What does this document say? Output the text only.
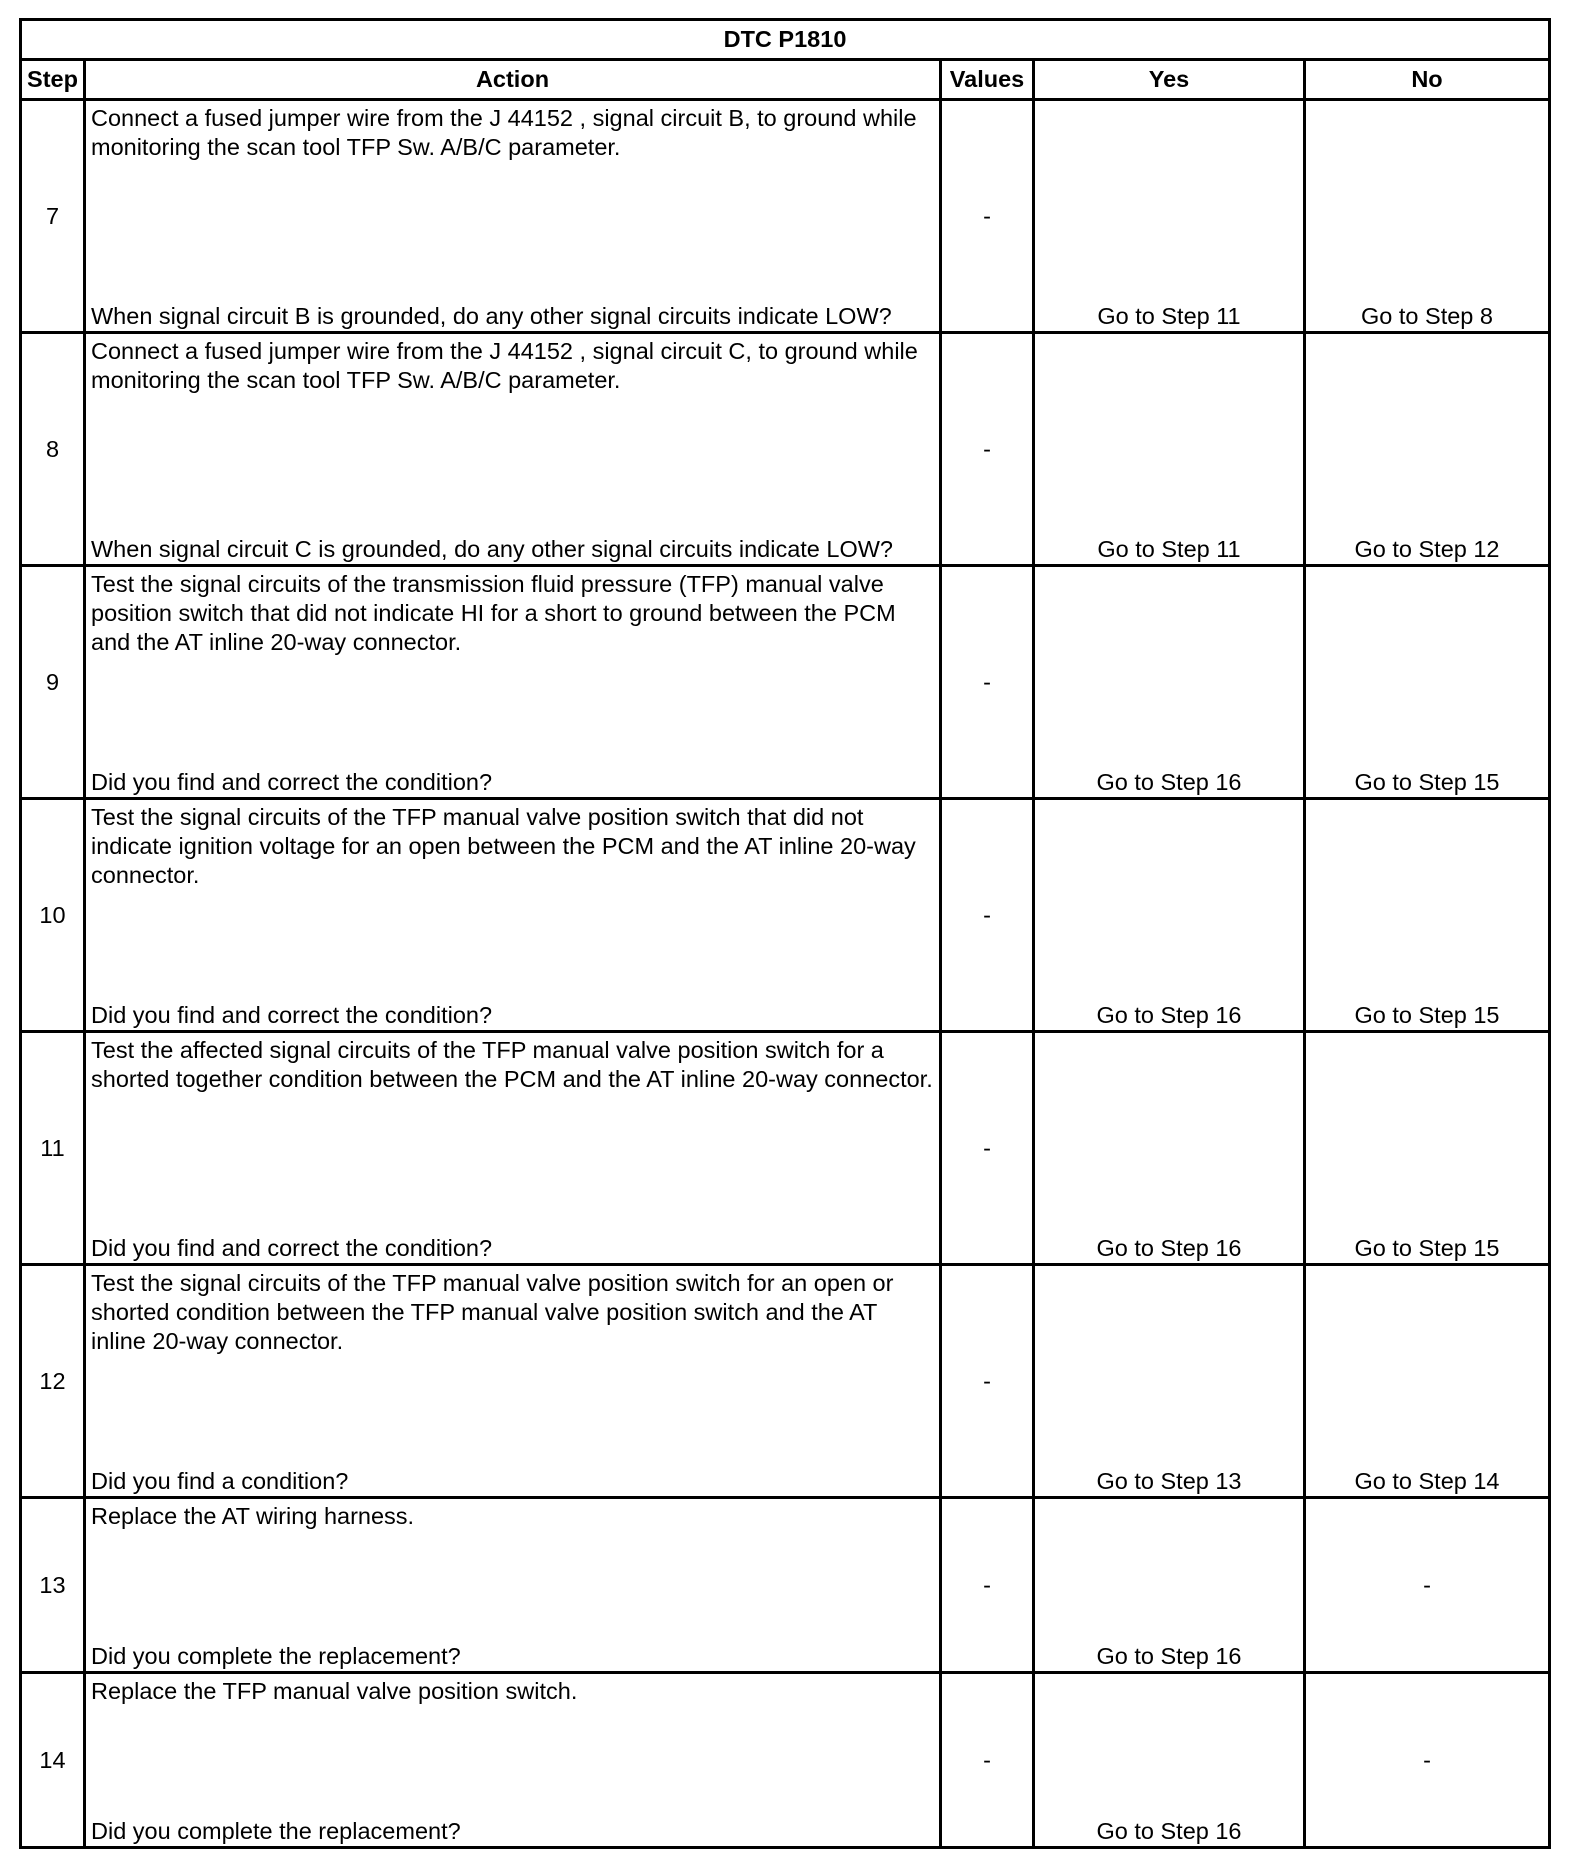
DTC P1810				
Step	Action	Values	Yes	No
7	Connect a fused jumper wire from the J 44152 , signal circuit B, to ground while monitoring the scan tool TFP Sw. A/B/C parameter.
When signal circuit B is grounded, do any other signal circuits indicate LOW?	-	Go to Step 11	Go to Step 8
8	Connect a fused jumper wire from the J 44152 , signal circuit C, to ground while monitoring the scan tool TFP Sw. A/B/C parameter.
When signal circuit C is grounded, do any other signal circuits indicate LOW?	-	Go to Step 11	Go to Step 12
9	Test the signal circuits of the transmission fluid pressure (TFP) manual valve position switch that did not indicate HI for a short to ground between the PCM and the AT inline 20-way connector.
Did you find and correct the condition?	-	Go to Step 16	Go to Step 15
10	Test the signal circuits of the TFP manual valve position switch that did not indicate ignition voltage for an open between the PCM and the AT inline 20-way connector.
Did you find and correct the condition?	-	Go to Step 16	Go to Step 15
11	Test the affected signal circuits of the TFP manual valve position switch for a shorted together condition between the PCM and the AT inline 20-way connector.
Did you find and correct the condition?	-	Go to Step 16	Go to Step 15
12	Test the signal circuits of the TFP manual valve position switch for an open or shorted condition between the TFP manual valve position switch and the AT inline 20-way connector.
Did you find a condition?	-	Go to Step 13	Go to Step 14
13	Replace the AT wiring harness.
Did you complete the replacement?	-	Go to Step 16	-
14	Replace the TFP manual valve position switch.
Did you complete the replacement?	-	Go to Step 16	-
